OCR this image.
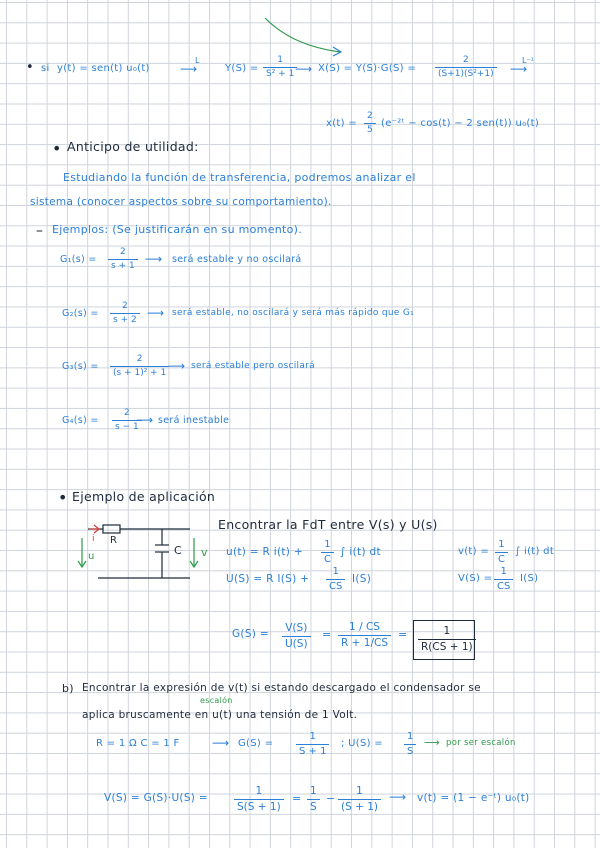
• si y(t) = sen(t) u₀(t)
L
⟶	Y(S) =
1
S² + 1 ⟶ X(S) = Y(S)·G(S) =
2
(S+1)(S²+1)
L⁻¹
⟶
x(t) =
2
5
(e⁻²ᵗ − cos(t) − 2 sen(t)) u₀(t)
• Anticipo de utilidad:
Estudiando la función de transferencia, podremos analizar el
sistema (conocer aspectos sobre su comportamiento).
– Ejemplos: (Se justificarán en su momento).
G₁(s) =
2
s + 1 ⟶ será estable y no oscilará
G₂(s) =
2
s + 2 ⟶ será estable, no oscilará y será más rápido que G₁
G₃(s) =
2
(s + 1)² + 1 ⟶ será estable pero oscilará
G₄(s) =
2
s − 1
⟶ será inestable
• Ejemplo de aplicación
i R
C
u	v
Encontrar la FdT entre V(s) y U(s)
u(t) = R i(t) +
1
C
∫ i(t) dt	v(t) =
1
C
∫ i(t) dt
U(S) = R I(S) +
1
CS
I(S)	V(S) =
1
CS
I(S)
G(S) = V(S)
U(S)
=
1 / CS
R + 1/CS
=	1
R(CS + 1)
b) Encontrar la expresión de v(t) si estando descargado el condensador se
escalón
aplica bruscamente en u(t) una tensión de 1 Volt.
R = 1 Ω C = 1 F	⟶ G(S) =
1
S + 1
; U(S) =
1
S
⟶ por ser escalón
V(S) = G(S)·U(S) =
1
S(S + 1)
=
1
S
−
1
(S + 1)
⟶ v(t) = (1 − e⁻ᵗ) u₀(t)
